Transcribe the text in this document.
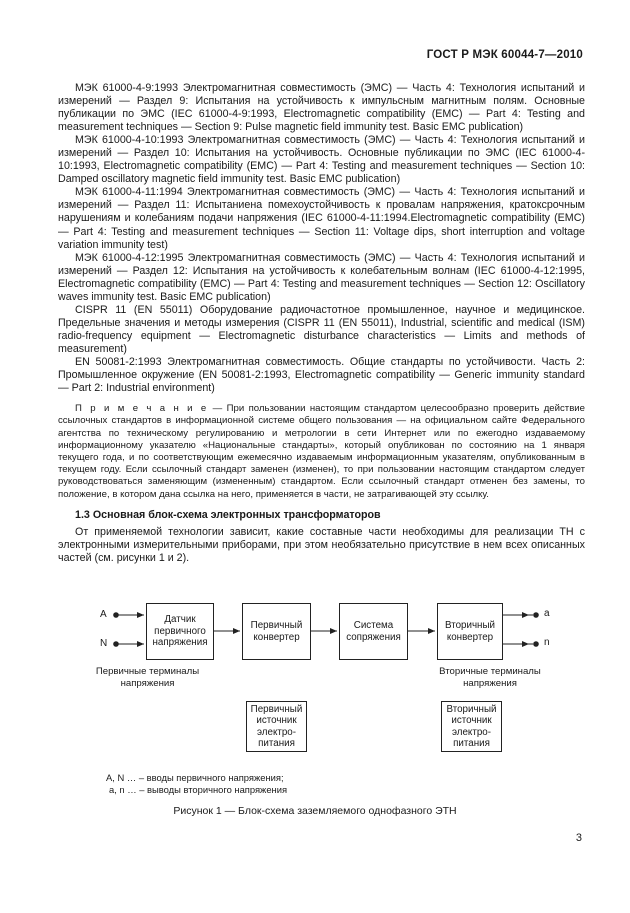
ГОСТ Р МЭК 60044-7—2010

МЭК 61000-4-9:1993 Электромагнитная совместимость (ЭМС) — Часть 4: Технология испытаний и измерений — Раздел 9: Испытания на устойчивость к импульсным магнитным полям. Основные публикации по ЭМС (IEC 61000-4-9:1993, Electromagnetic compatibility (EMC) — Part 4: Testing and measurement techniques — Section 9: Pulse magnetic field immunity test. Basic EMC publication)

МЭК 61000-4-10:1993 Электромагнитная совместимость (ЭМС) — Часть 4: Технология испытаний и измерений — Раздел 10: Испытания на устойчивость. Основные публикации по ЭМС (IEC 61000-4-10:1993, Electromagnetic compatibility (EMC) — Part 4: Testing and measurement techniques — Section 10: Damped oscillatory magnetic field immunity test. Basic EMC publication)

МЭК 61000-4-11:1994 Электромагнитная совместимость (ЭМС) — Часть 4: Технология испытаний и измерений — Раздел 11: Испытаниена помехоустойчивость к провалам напряжения, кратоксрочным нарушениям и колебаниям подачи напряжения (IEC 61000-4-11:1994.Electromagnetic compatibility (EMC) — Part 4: Testing and measurement techniques — Section 11: Voltage dips, short interruption and voltage variation immunity test)

МЭК 61000-4-12:1995 Электромагнитная совместимость (ЭМС) — Часть 4: Технология испытаний и измерений — Раздел 12: Испытания на устойчивость к колебательным волнам (IEC 61000-4-12:1995, Electromagnetic compatibility (EMC) — Part 4: Testing and measurement techniques — Section 12: Oscillatory waves immunity test. Basic EMC publication)

CISPR 11 (EN 55011) Оборудование радиочастотное промышленное, научное и медицинское. Предельные значения и методы измерения (CISPR 11 (EN 55011), Industrial, scientific and medical (ISM) radio-frequency equipment — Electromagnetic disturbance characteristics — Limits and methods of measurement)

EN 50081-2:1993 Электромагнитная совместимость. Общие стандарты по устойчивости. Часть 2: Промышленное окружение (EN 50081-2:1993, Electromagnetic compatibility — Generic immunity standard — Part 2: Industrial environment)

П р и м е ч а н и е — При пользовании настоящим стандартом целесообразно проверить действие ссылочных стандартов в информационной системе общего пользования — на официальном сайте Федерального агентства по техническому регулированию и метрологии в сети Интернет или по ежегодно издаваемому информационному указателю «Национальные стандарты», который опубликован по состоянию на 1 января текущего года, и по соответствующим ежемесячно издаваемым информационным указателям, опубликованным в текущем году. Если ссылочный стандарт заменен (изменен), то при пользовании настоящим стандартом следует руководствоваться заменяющим (измененным) стандартом. Если ссылочный стандарт отменен без замены, то положение, в котором дана ссылка на него, применяется в части, не затрагивающей эту ссылку.

1.3 Основная блок-схема электронных трансформаторов

От применяемой технологии зависит, какие составные части необходимы для реализации ТН с электронными измерительными приборами, при этом необязательно присутствие в нем всех описанных частей (см. рисунки 1 и 2).

A
N
a
n
Датчик
первичного
напряжения
Первичный
конвертер
Система
сопряжения
Вторичный
конвертер
Первичные терминалы
напряжения
Вторичные терминалы
напряжения
Первичный
источник
электро-
питания
Вторичный
источник
электро-
питания
A, N … – вводы первичного напряжения;
a, n … – выводы вторичного напряжения
Рисунок 1 — Блок-схема заземляемого однофазного ЭТН
3
